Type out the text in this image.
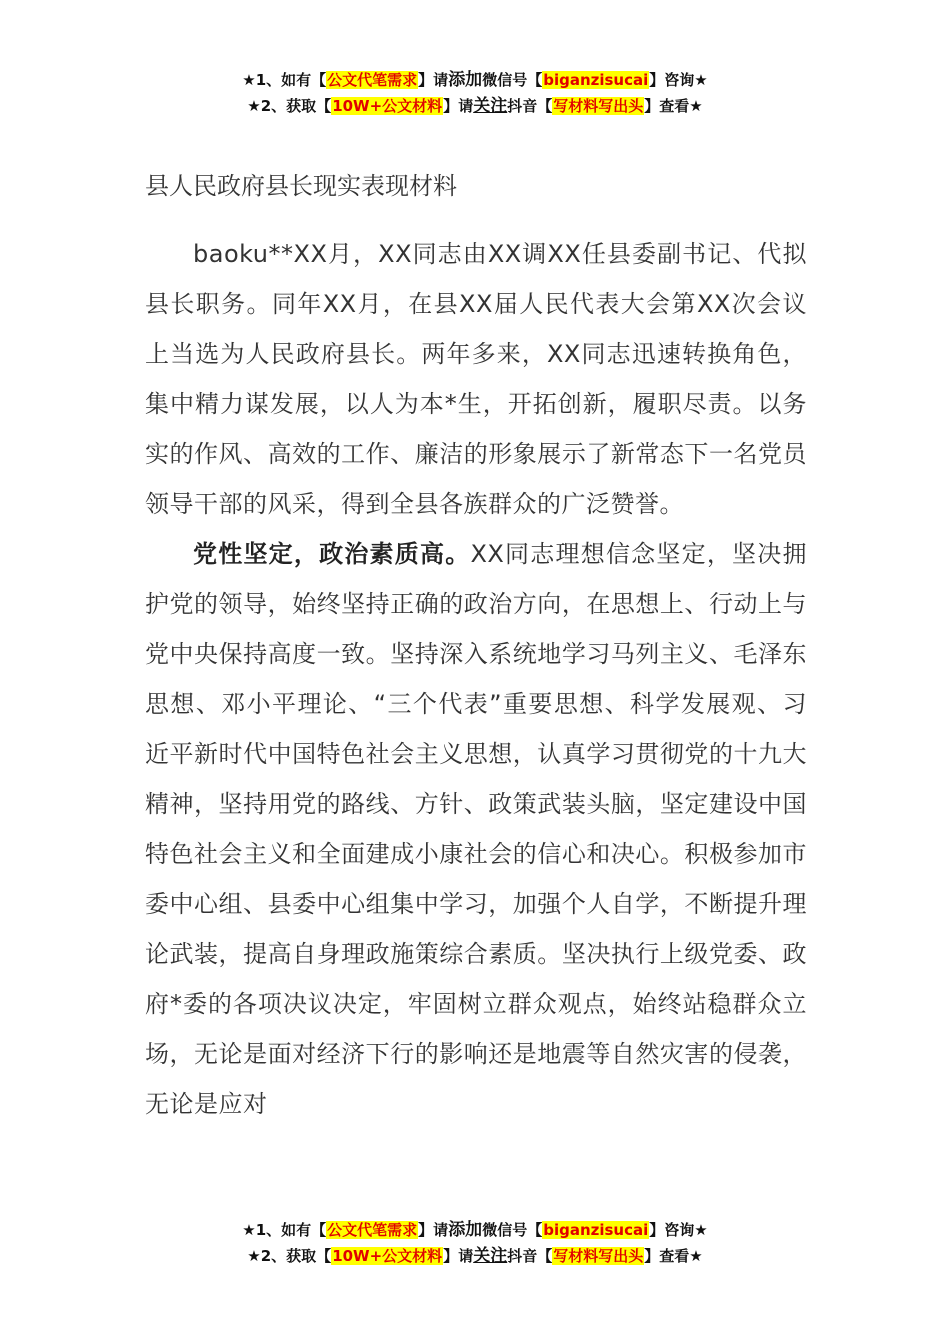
★1、如有【公文代笔需求】请添加微信号【biganzisucai】咨询★
★2、获取【10W+公文材料】请关注抖音【写材料写出头】查看★
县人民政府县长现实表现材料

baoku**XX月，XX同志由XX调XX任县委副书记、代拟县长职务。同年XX月，在县XX届人民代表大会第XX次会议上当选为人民政府县长。两年多来，XX同志迅速转换角色，集中精力谋发展，以人为本*生，开拓创新，履职尽责。以务实的作风、高效的工作、廉洁的形象展示了新常态下一名党员领导干部的风采，得到全县各族群众的广泛赞誉。

党性坚定，政治素质高。XX同志理想信念坚定，坚决拥护党的领导，始终坚持正确的政治方向，在思想上、行动上与党中央保持高度一致。坚持深入系统地学习马列主义、毛泽东思想、邓小平理论、“三个代表”重要思想、科学发展观、习近平新时代中国特色社会主义思想，认真学习贯彻党的十九大精神，坚持用党的路线、方针、政策武装头脑，坚定建设中国特色社会主义和全面建成小康社会的信心和决心。积极参加市委中心组、县委中心组集中学习，加强个人自学，不断提升理论武装，提高自身理政施策综合素质。坚决执行上级党委、政府*委的各项决议决定，牢固树立群众观点，始终站稳群众立场，无论是面对经济下行的影响还是地震等自然灾害的侵袭，无论是应对

★1、如有【公文代笔需求】请添加微信号【biganzisucai】咨询★
★2、获取【10W+公文材料】请关注抖音【写材料写出头】查看★
